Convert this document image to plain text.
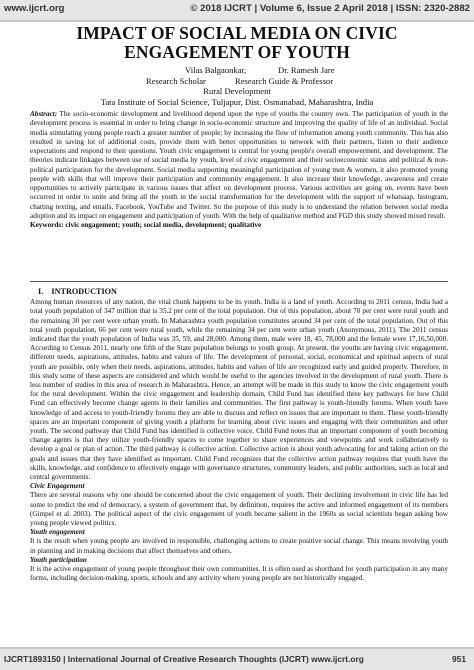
www.ijcrt.org	© 2018 IJCRT | Volume 6, Issue 2 April 2018 | ISSN: 2320-2882
IMPACT OF SOCIAL MEDIA ON CIVIC
ENGAGEMENT OF YOUTH
Vilas Balgaonkar,	Dr. Ramesh Jare
Research Scholar	Research Guide & Professor
Rural Development
Tata Institute of Social Science, Tuljapur, Dist. Osmanabad, Maharashtra, India
Abstract: The socio-economic development and livelihood depend upon the type of youths the country own. The participation of youth in the development process is essential in order to bring change in socio-economic structure and improving the quality of life of an individual. Social media stimulating young people reach a greater number of people; by increasing the flow of information among youth community. This has also resulted in saving lot of additional costs, provide them with better opportunities to network with their partners, listen to their audience expectations and respond to their questions. Youth civic engagement is central for young people's overall empowerment, and development. The theories indicate linkages between use of social media by youth, level of civic engagement and their socioeconomic status and political & non-political participation for the development. Social media supporting meaningful participation of young men & women, it also promoted young people with skills that will improve their participation and community engagement. It also increase their knowledge, awareness and create opportunities to actively participate in various issues that affect on development process. Various activities are going on, events have been occurred in order to unite and bring all the youth in the social transformation for the development with the support of whatsaap, histogram, chatting texting, and emails, Facebook, YouTube and Twitter. So the purpose of this study is to understand the relation between social media adoption and its impact on engagement and participation of youth. With the help of qualitative method and FGD this study showed mixed result.
Keywords: civic engagement; youth; social media, development; qualitative
I. INTRODUCTION

Among human resources of any nation, the vital chunk happens to be its youth. India is a land of youth. According to 2011 census, India had a total youth population of 347 million that is 35.2 per cent of the total population. Out of this population, about 70 per cent were rural youth and the remaining 30 per cent were urban youth. In Maharashtra youth population constitutes around 34 per cent of the total population. Out of this total youth population, 66 per cent were rural youth, while the remaining 34 per cent were urban youth (Anonymous, 2011). The 2011 census indicated that the youth population of India was 35, 59, and 28,000. Among them, male were 18, 45, 78,000 and the female were 17,16,50,000. According to Census 2011, nearly one fifth of the State population belongs to youth group. At present, the youths are having civic engagement, different needs, aspirations, attitudes, habits and values of life. The development of personal, social, economical and spiritual aspects of rural youth are possible, only when their needs, aspirations, attitudes, habits and values of life are recognized early and guided properly. Therefore, in this study some of these aspects are considered and which would be useful to the agencies involved in the development of rural youth. There is less number of studies in this area of research in Maharashtra. Hence, an attempt will be made in this study to know the civic engagement youth for the rural development. Within the civic engagement and leadership domain, Child Fund has identified three key pathways for how Child Fund can effectively become change agents in their families and communities. The first pathway is youth-friendly forums. When youth have knowledge of and access to youth-friendly forums they are able to discuss and reflect on issues that are important to them. These youth-friendly spaces are an important component of giving youth a platform for learning about civic issues and engaging with their communities and other youth. The second pathway that Child Fund has identified is collective voice. Child Fund notes that an important component of youth becoming change agents is that they utilize youth-friendly spaces to come together to share experiences and viewpoints and work collaboratively to develop a goal or plan of action. The third pathway is collective action. Collective action is about youth advocating for and taking action on the goals and issues that they have identified as important. Child Fund recognizes that the collective action pathway requires that youth have the skills, knowledge, and confidence to effectively engage with governance structures, community leaders, and public authorities, such as local and central governments.

Civic Engagement

There are several reasons why one should be concerned about the civic engagement of youth. Their declining involvement in civic life has led some to predict the end of democracy, a system of government that, by definition, requires the active and informed engagement of its members (Gimpel et al. 2003). The political aspect of the civic engagement of youth became salient in the 1960s as social scientists began asking how young people viewed politics.

Youth engagement

It is the result when young people are involved in responsible, challenging actions to create positive social change. This means involving youth in planning and in making decisions that affect themselves and others.

Youth participation

It is the active engagement of young people throughout their own communities. It is often used as shorthand for youth participation in any many forms, including decision-making, sports, schools and any activity where young people are not historically engaged.

IJCRT1893150 | International Journal of Creative Research Thoughts (IJCRT) www.ijcrt.org	951
